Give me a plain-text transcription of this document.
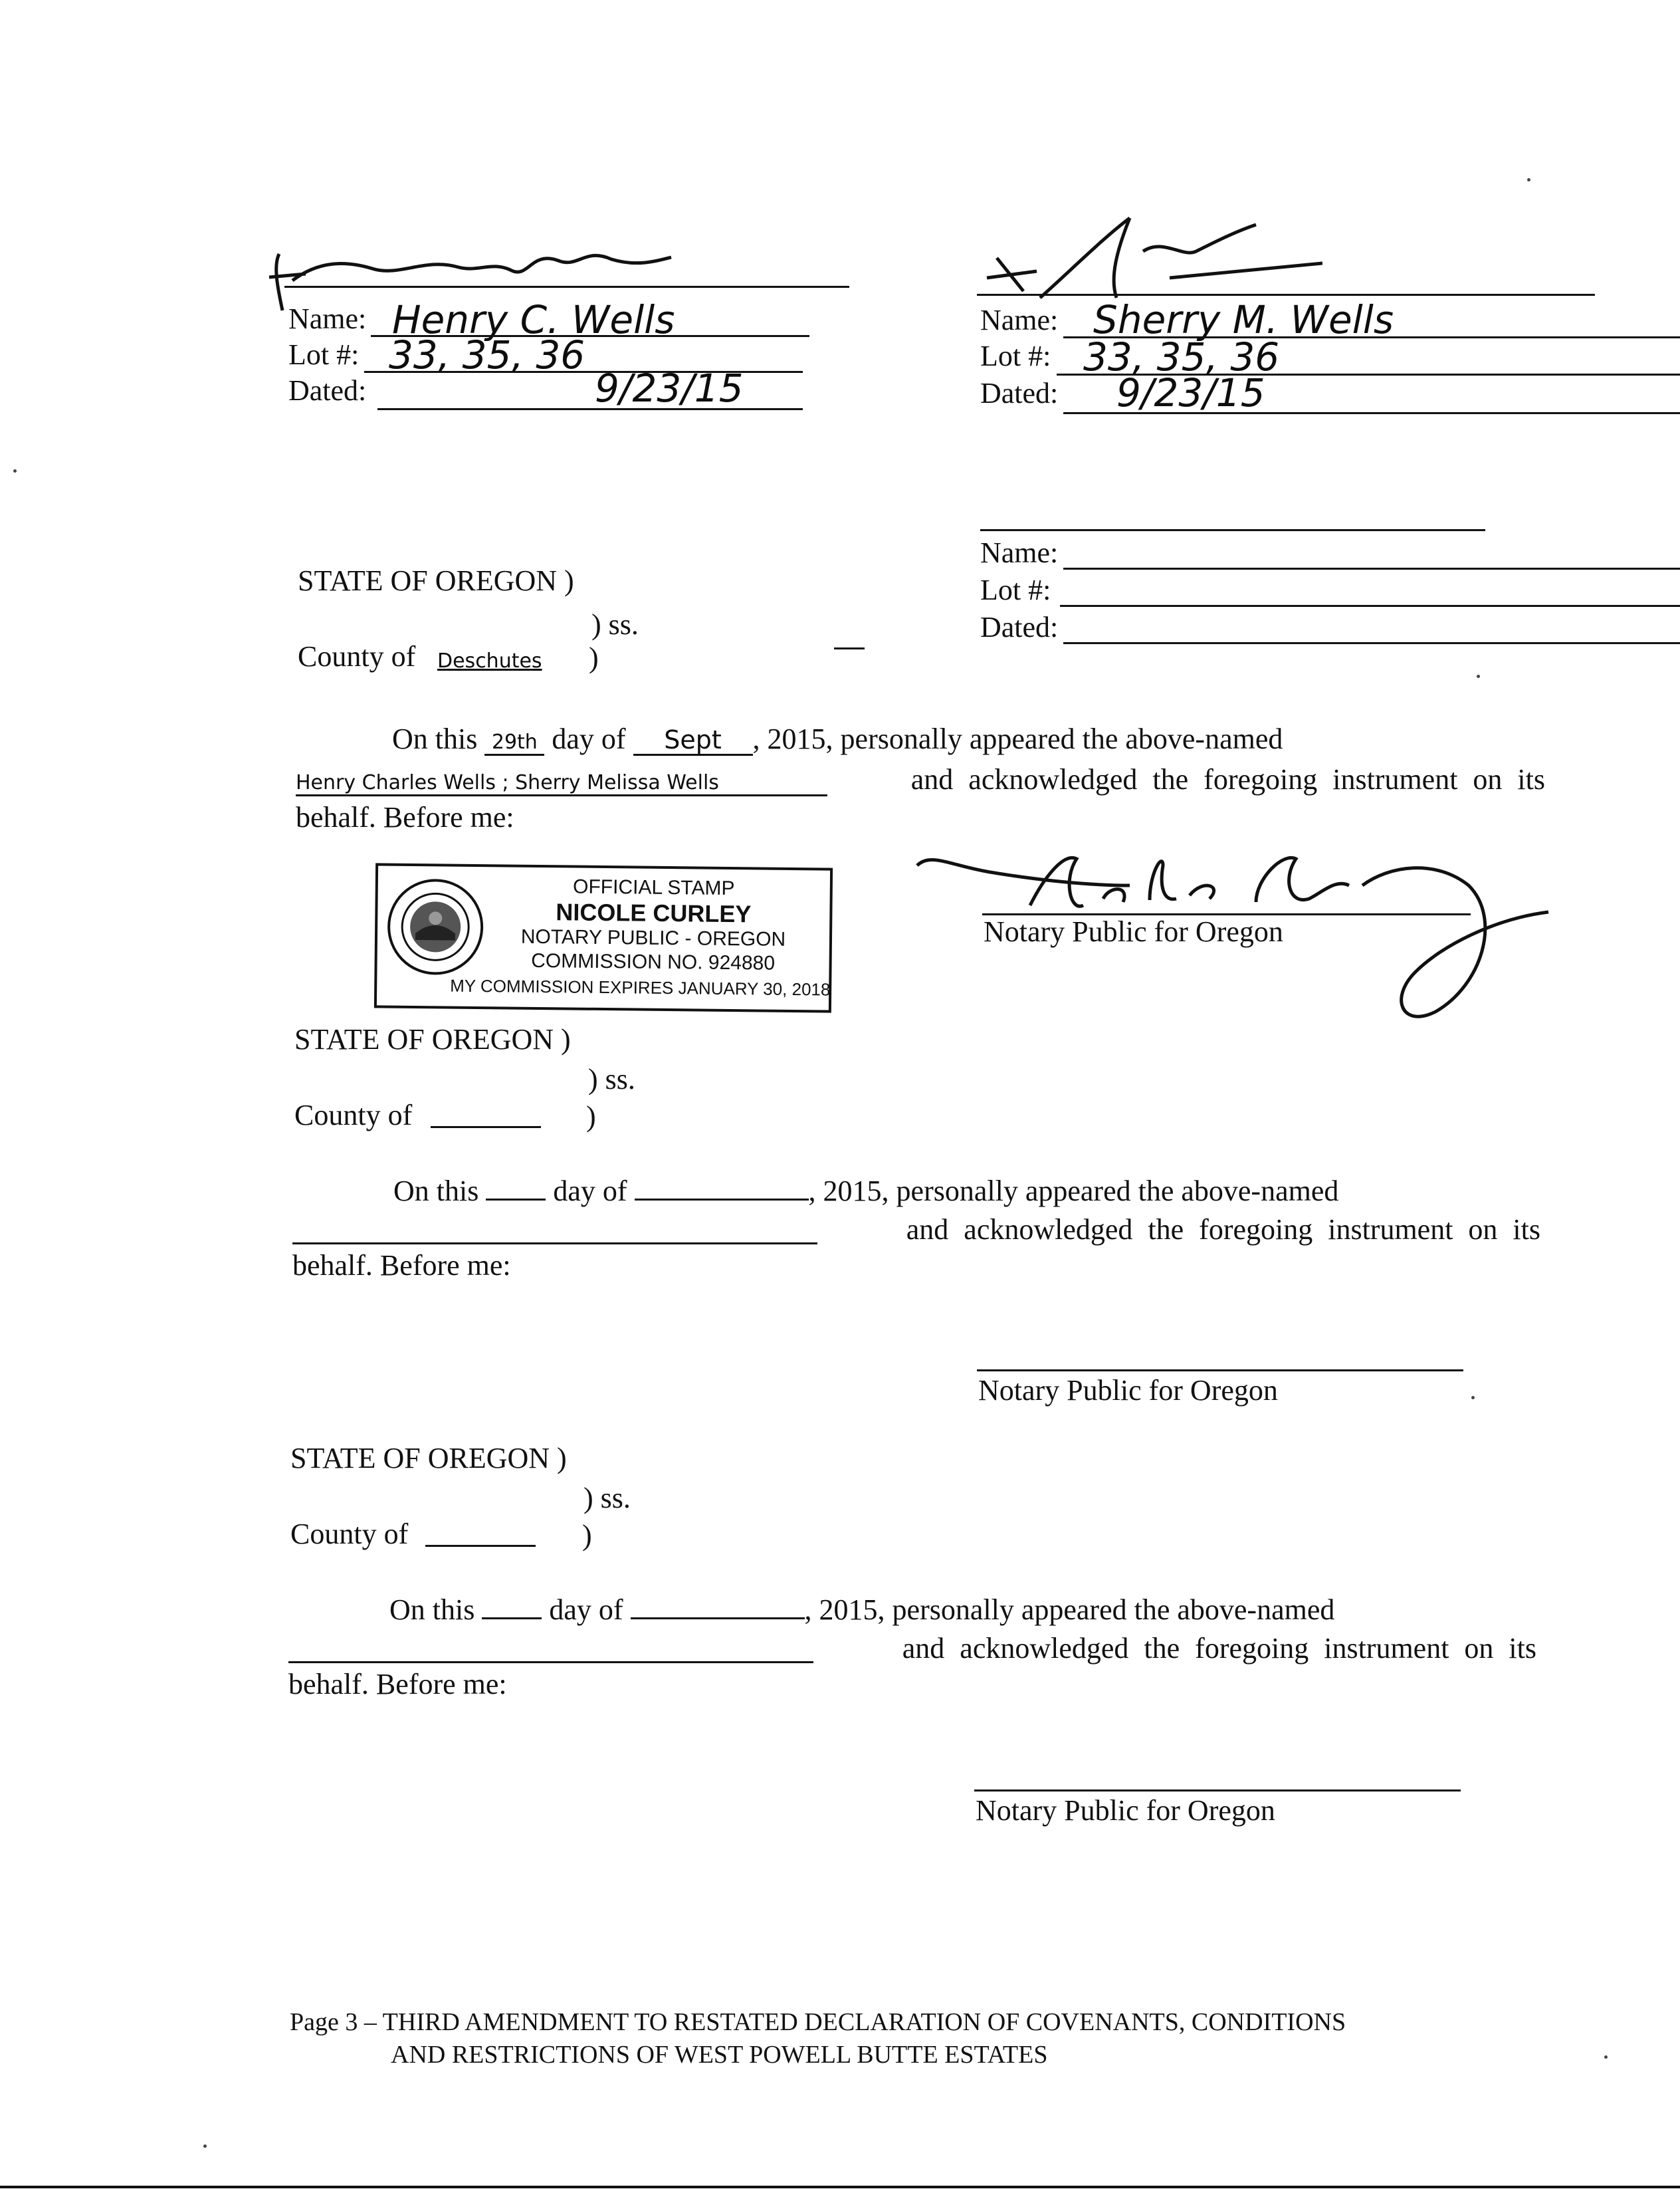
Name: Henry C. Wells
Lot #: 33, 35, 36
Dated:	9/23/15
Name: Sherry M. Wells
Lot #: 33, 35, 36
Dated: 9/23/15
Name:
Lot #:
Dated:
STATE OF OREGON )
) ss.
County of Deschutes )
On this 29th day of Sept , 2015, personally appeared the above-named
Henry Charles Wells ; Sherry Melissa Wells	and acknowledged the foregoing instrument on its
behalf. Before me:
OFFICIAL STAMP
NICOLE CURLEY
NOTARY PUBLIC - OREGON
COMMISSION NO. 924880
MY COMMISSION EXPIRES JANUARY 30, 2018
Notary Public for Oregon
STATE OF OREGON )
) ss.
County of	)
On this	day of	, 2015, personally appeared the above-named
and acknowledged the foregoing instrument on its
behalf. Before me:
Notary Public for Oregon
STATE OF OREGON )
) ss.
County of	)
On this	day of	, 2015, personally appeared the above-named
and acknowledged the foregoing instrument on its
behalf. Before me:
Notary Public for Oregon
Page 3 – THIRD AMENDMENT TO RESTATED DECLARATION OF COVENANTS, CONDITIONS
AND RESTRICTIONS OF WEST POWELL BUTTE ESTATES
